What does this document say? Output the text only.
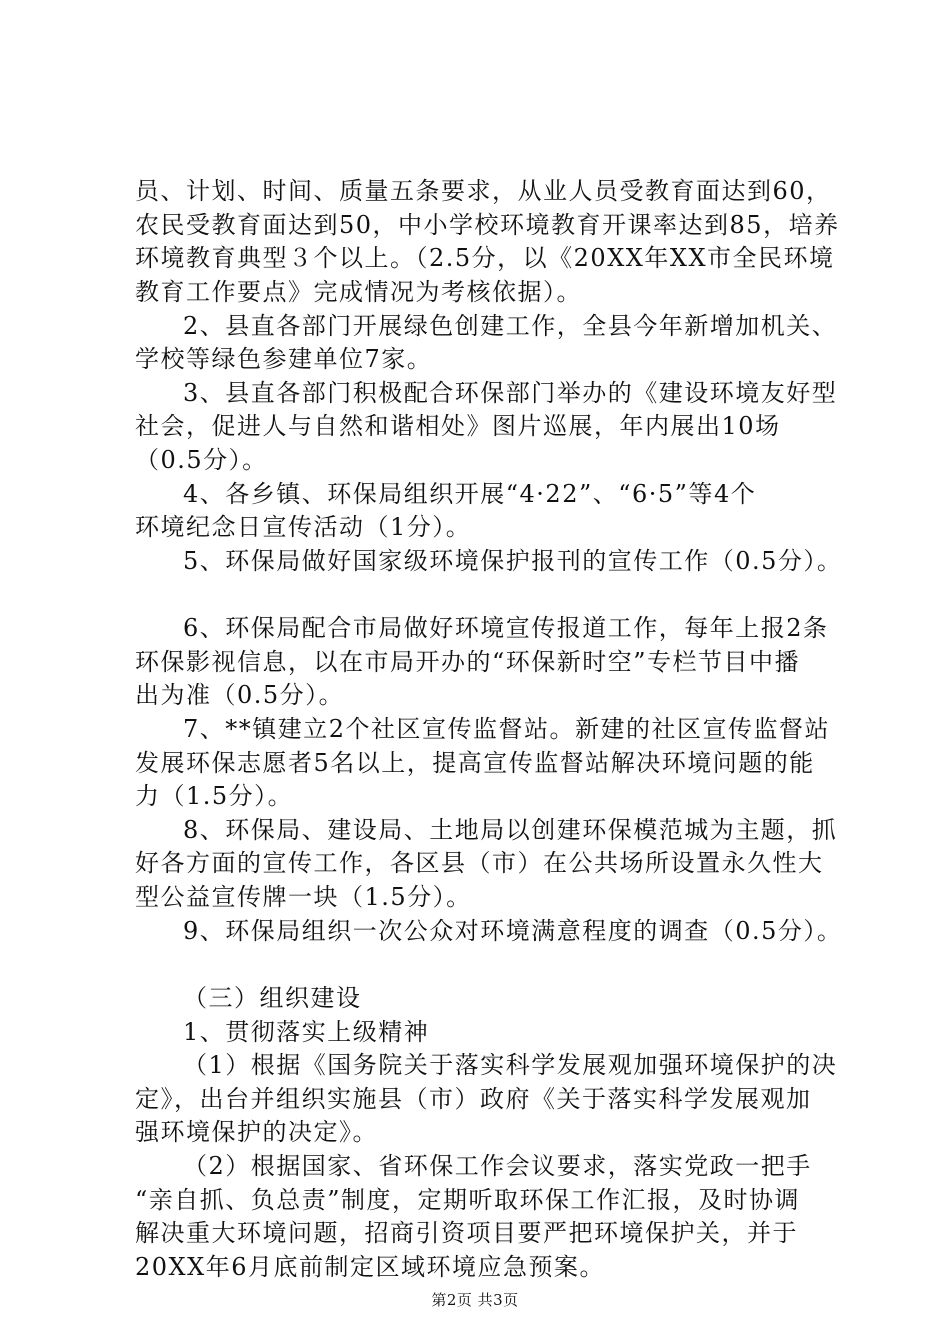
员、计划、时间、质量五条要求，从业人员受教育面达到60，
农民受教育面达到50，中小学校环境教育开课率达到85，培养
环境教育典型３个以上。（2.5分，以《20XX年XX市全民环境
教育工作要点》完成情况为考核依据）。
2、县直各部门开展绿色创建工作，全县今年新增加机关、
学校等绿色参建单位7家。
3、县直各部门积极配合环保部门举办的《建设环境友好型
社会，促进人与自然和谐相处》图片巡展，年内展出10场
（0.5分）。
4、各乡镇、环保局组织开展“4·22”、“6·5”等4个
环境纪念日宣传活动（1分）。
5、环保局做好国家级环境保护报刊的宣传工作（0.5分）。
6、环保局配合市局做好环境宣传报道工作，每年上报2条
环保影视信息，以在市局开办的“环保新时空”专栏节目中播
出为准（0.5分）。
7、**镇建立2个社区宣传监督站。新建的社区宣传监督站
发展环保志愿者5名以上，提高宣传监督站解决环境问题的能
力（1.5分）。
8、环保局、建设局、土地局以创建环保模范城为主题，抓
好各方面的宣传工作，各区县（市）在公共场所设置永久性大
型公益宣传牌一块（1.5分）。
9、环保局组织一次公众对环境满意程度的调查（0.5分）。
（三）组织建设
1、贯彻落实上级精神
（1）根据《国务院关于落实科学发展观加强环境保护的决
定》，出台并组织实施县（市）政府《关于落实科学发展观加
强环境保护的决定》。
（2）根据国家、省环保工作会议要求，落实党政一把手
“亲自抓、负总责”制度，定期听取环保工作汇报，及时协调
解决重大环境问题，招商引资项目要严把环境保护关，并于
20XX年6月底前制定区域环境应急预案。
第2页 共3页
